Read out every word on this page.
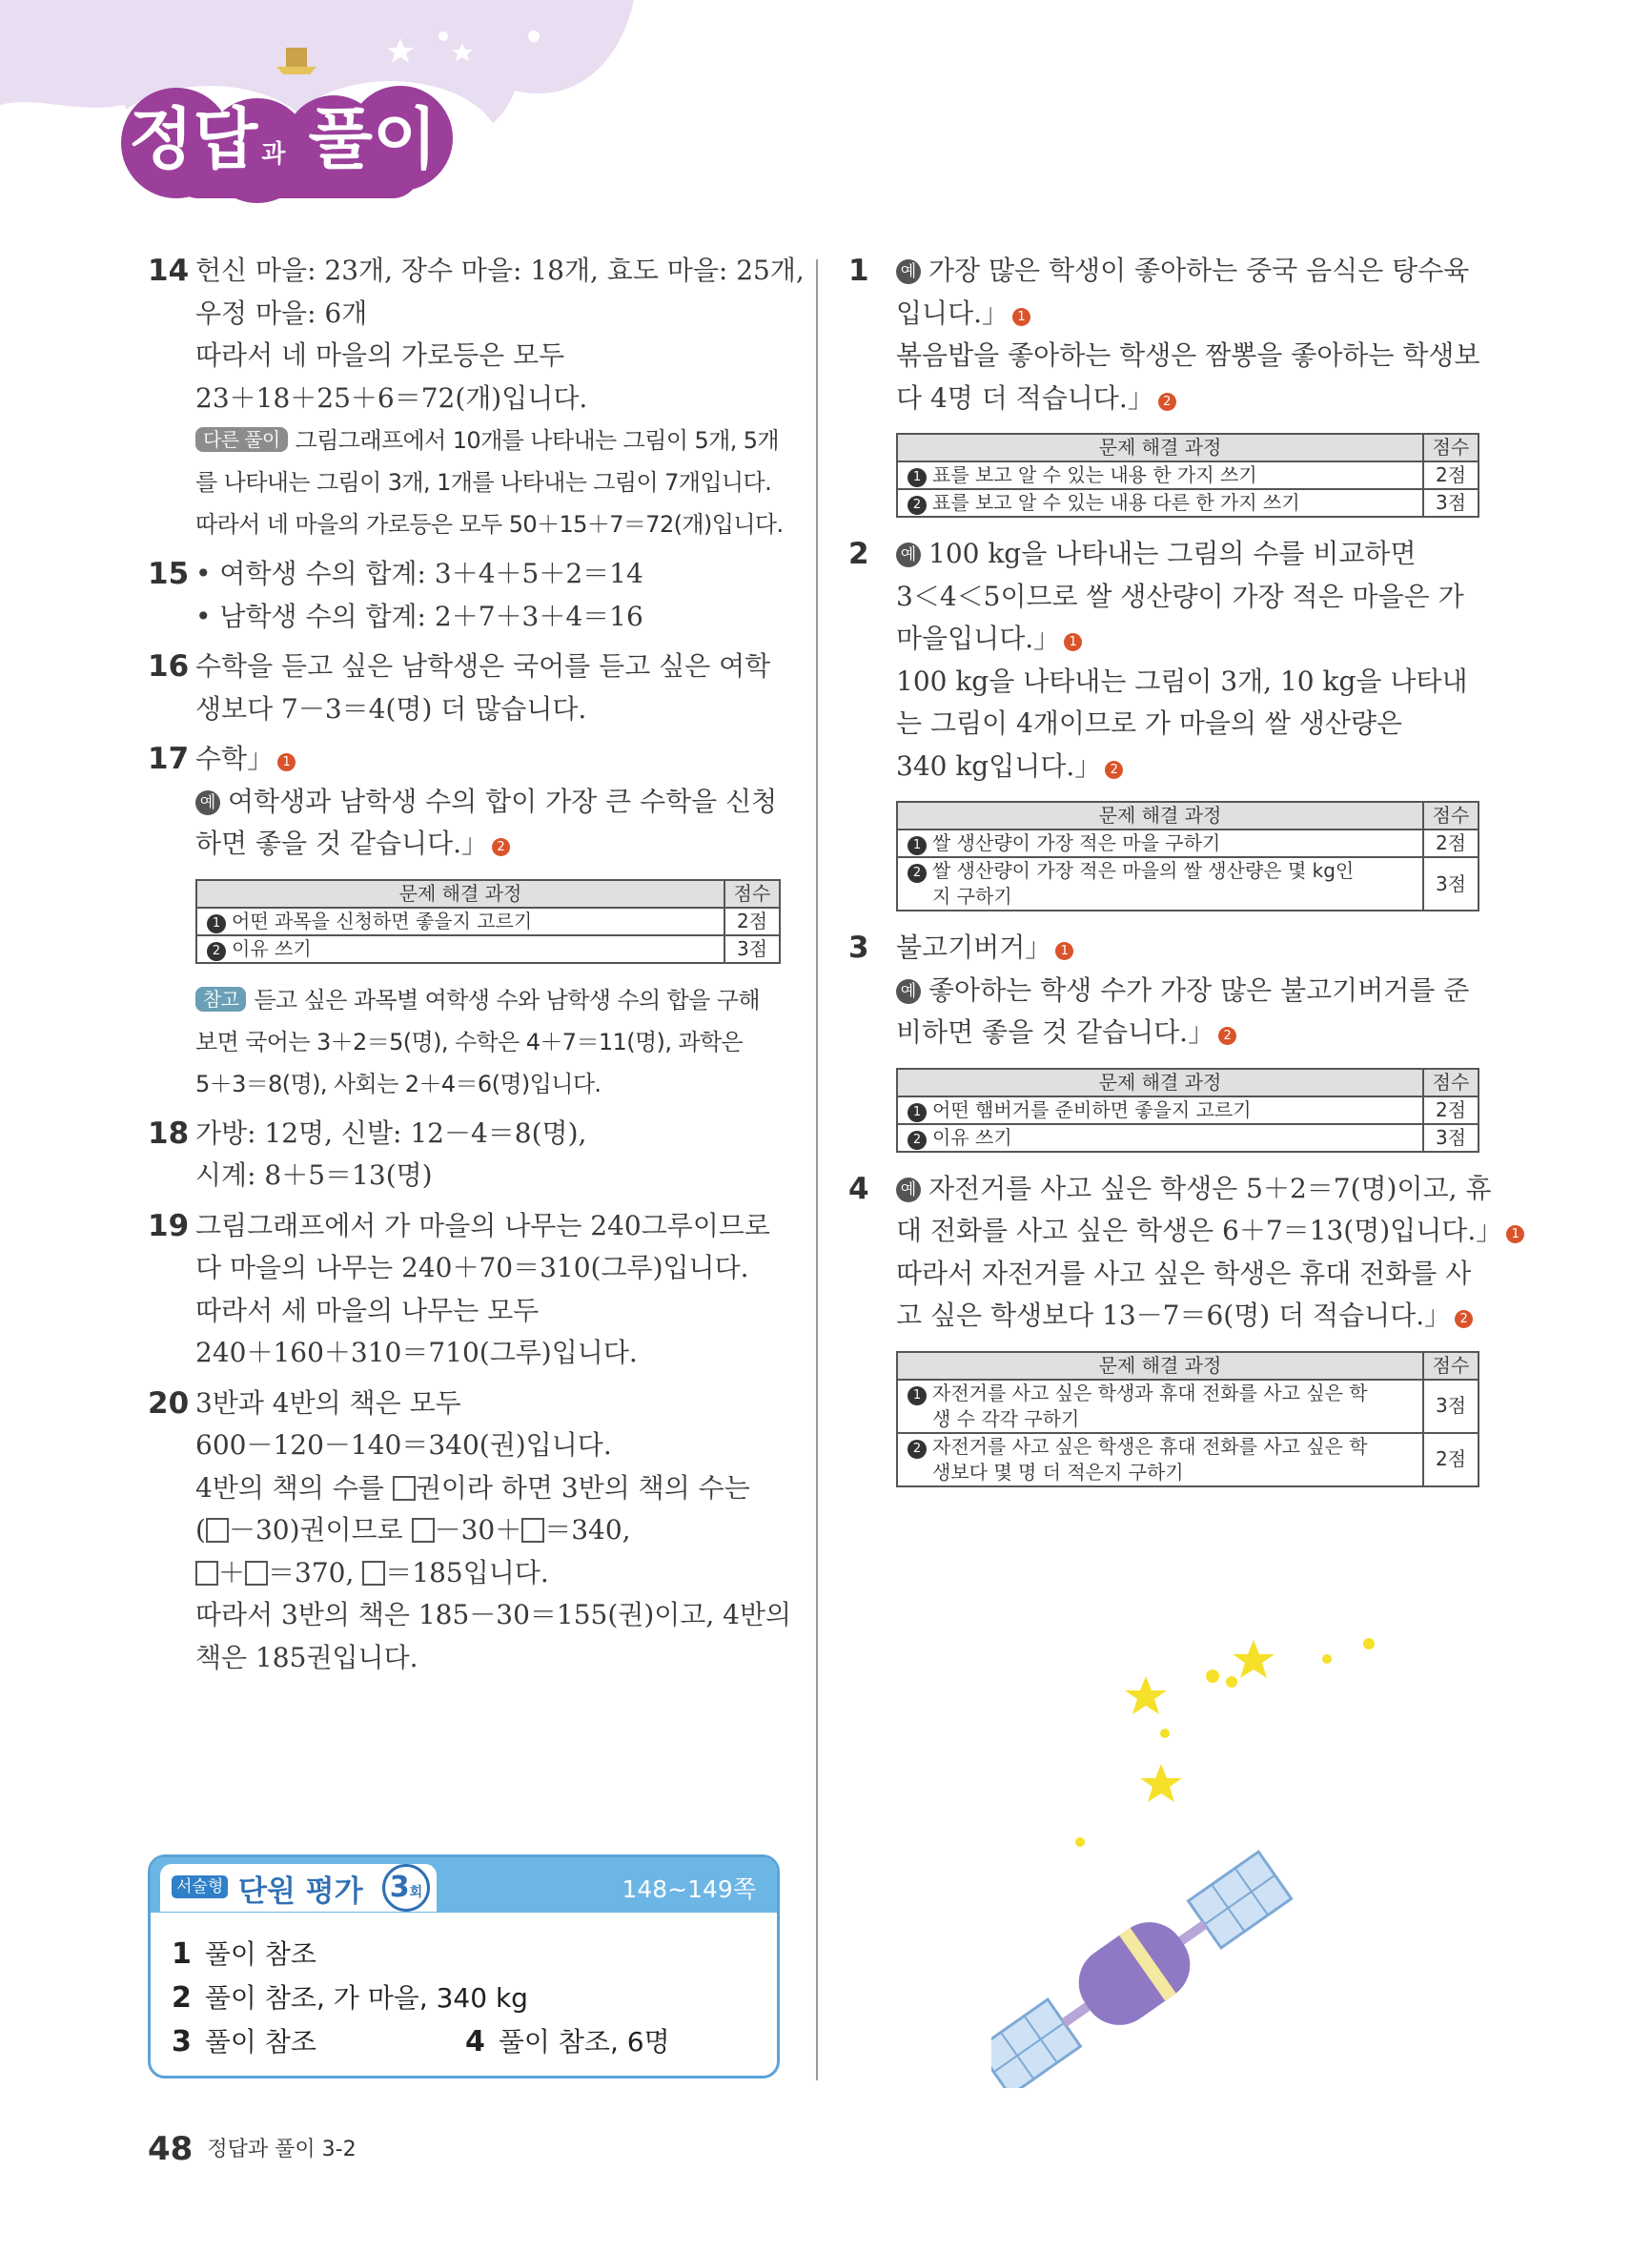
정답 과 풀이
14 헌신 마을: 23개, 장수 마을: 18개, 효도 마을: 25개,
우정 마을: 6개
따라서 네 마을의 가로등은 모두
23＋18＋25＋6＝72(개)입니다.
다른 풀이 그림그래프에서 10개를 나타내는 그림이 5개, 5개
를 나타내는 그림이 3개, 1개를 나타내는 그림이 7개입니다.
따라서 네 마을의 가로등은 모두 50＋15＋7＝72(개)입니다.
15 • 여학생 수의 합계: 3＋4＋5＋2＝14
• 남학생 수의 합계: 2＋7＋3＋4＝16
16 수학을 듣고 싶은 남학생은 국어를 듣고 싶은 여학
생보다 7－3＝4(명) 더 많습니다.
17 수학」 1
예 여학생과 남학생 수의 합이 가장 큰 수학을 신청
하면 좋을 것 같습니다.」 2
문제 해결 과정	점수
1 어떤 과목을 신청하면 좋을지 고르기	2점
2 이유 쓰기	3점
참고 듣고 싶은 과목별 여학생 수와 남학생 수의 합을 구해
보면 국어는 3＋2＝5(명), 수학은 4＋7＝11(명), 과학은
5＋3＝8(명), 사회는 2＋4＝6(명)입니다.
18 가방: 12명, 신발: 12－4＝8(명),
시계: 8＋5＝13(명)
19 그림그래프에서 가 마을의 나무는 240그루이므로
다 마을의 나무는 240＋70＝310(그루)입니다.
따라서 세 마을의 나무는 모두
240＋160＋310＝710(그루)입니다.
20 3반과 4반의 책은 모두
600－120－140＝340(권)입니다.
4반의 책의 수를 권이라 하면 3반의 책의 수는
( －30)권이므로 －30＋ ＝340,
＋ ＝370, ＝185입니다.
따라서 3반의 책은 185－30＝155(권)이고, 4반의
책은 185권입니다.
1 예 가장 많은 학생이 좋아하는 중국 음식은 탕수육
입니다.」 1
볶음밥을 좋아하는 학생은 짬뽕을 좋아하는 학생보
다 4명 더 적습니다.」 2
문제 해결 과정	점수
1 표를 보고 알 수 있는 내용 한 가지 쓰기	2점
2 표를 보고 알 수 있는 내용 다른 한 가지 쓰기	3점
2 예 100 kg을 나타내는 그림의 수를 비교하면
3＜4＜5이므로 쌀 생산량이 가장 적은 마을은 가
마을입니다.」 1
100 kg을 나타내는 그림이 3개, 10 kg을 나타내
는 그림이 4개이므로 가 마을의 쌀 생산량은
340 kg입니다.」 2
문제 해결 과정	점수
1 쌀 생산량이 가장 적은 마을 구하기	2점
2 쌀 생산량이 가장 적은 마을의 쌀 생산량은 몇 kg인
지 구하기	3점
3 불고기버거」 1
예 좋아하는 학생 수가 가장 많은 불고기버거를 준
비하면 좋을 것 같습니다.」 2
문제 해결 과정	점수
1 어떤 햄버거를 준비하면 좋을지 고르기	2점
2 이유 쓰기	3점
4 예 자전거를 사고 싶은 학생은 5＋2＝7(명)이고, 휴
대 전화를 사고 싶은 학생은 6＋7＝13(명)입니다.」 1
따라서 자전거를 사고 싶은 학생은 휴대 전화를 사
고 싶은 학생보다 13－7＝6(명) 더 적습니다.」 2
문제 해결 과정	점수
1 자전거를 사고 싶은 학생과 휴대 전화를 사고 싶은 학
생 수 각각 구하기	3점
2 자전거를 사고 싶은 학생은 휴대 전화를 사고 싶은 학
생보다 몇 명 더 적은지 구하기	2점
서술형 단원 평가 3회	148~149쪽
1 풀이 참조
2 풀이 참조, 가 마을, 340 kg
3 풀이 참조	4 풀이 참조, 6명
48 정답과 풀이 3-2
